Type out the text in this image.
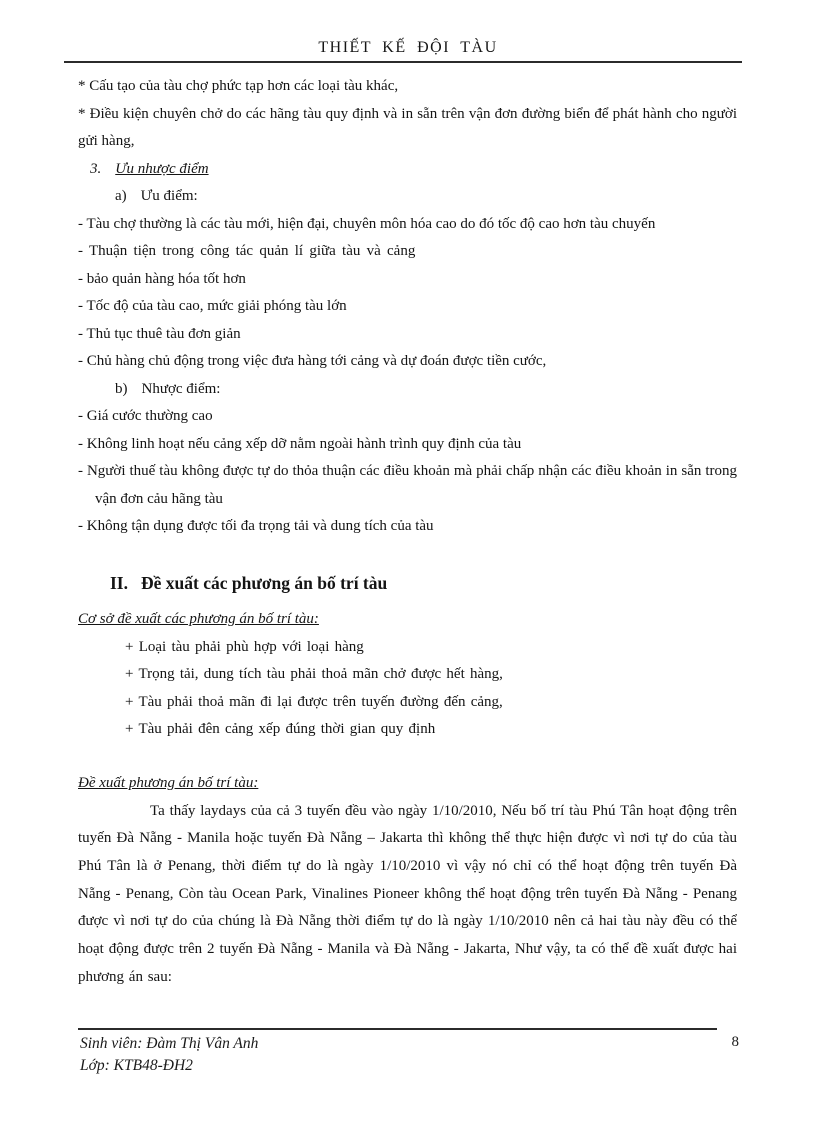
THIẾT KẾ ĐỘI TÀU

* Cấu tạo của tàu chợ phức tạp hơn các loại tàu khác,

* Điều kiện chuyên chở do các hãng tàu quy định và in sẵn trên vận đơn đường biển để phát hành cho người gửi hàng,

3. Ưu nhược điểm
a) Ưu điểm:

- Tàu chợ thường là các tàu mới, hiện đại, chuyên môn hóa cao do đó tốc độ cao hơn tàu chuyến

- Thuận tiện trong công tác quản lí giữa tàu và cảng

- bảo quản hàng hóa tốt hơn

- Tốc độ của tàu cao, mức giải phóng tàu lớn

- Thủ tục thuê tàu đơn giản

- Chủ hàng chủ động trong việc đưa hàng tới cảng và dự đoán được tiền cước,

b) Nhược điểm:

- Giá cước thường cao

- Không linh hoạt nếu cảng xếp dỡ nằm ngoài hành trình quy định của tàu

- Người thuế tàu không được tự do thỏa thuận các điều khoản mà phải chấp nhận các điều khoản in sẵn trong vận đơn cảu hãng tàu

- Không tận dụng được tối đa trọng tải và dung tích của tàu

II. Đề xuất các phương án bố trí tàu

Cơ sở đề xuất các phương án bố trí tàu:

+ Loại tàu phải phù hợp với loại hàng

+ Trọng tải, dung tích tàu phải thoả mãn chở được hết hàng,

+ Tàu phải thoả mãn đi lại được trên tuyến đường đến cảng,

+ Tàu phải đên cảng xếp đúng thời gian quy định

Đề xuất phương án bố trí tàu:

Ta thấy laydays của cả 3 tuyến đều vào ngày 1/10/2010, Nếu bố trí tàu Phú Tân hoạt động trên tuyến Đà Nẵng - Manila hoặc tuyến Đà Nẵng – Jakarta thì không thể thực hiện được vì nơi tự do của tàu Phú Tân là ở Penang, thời điểm tự do là ngày 1/10/2010 vì vậy nó chỉ có thể hoạt động trên tuyến Đà Nẵng - Penang, Còn tàu Ocean Park, Vinalines Pioneer không thể hoạt động trên tuyến Đà Nẵng - Penang được vì nơi tự do của chúng là Đà Nẵng thời điểm tự do là ngày 1/10/2010 nên cả hai tàu này đều có thể hoạt động được trên 2 tuyến Đà Nẵng - Manila và Đà Nẵng - Jakarta, Như vậy, ta có thể đề xuất được hai phương án sau:

Sinh viên: Đàm Thị Vân Anh
Lớp: KTB48-ĐH2
8
